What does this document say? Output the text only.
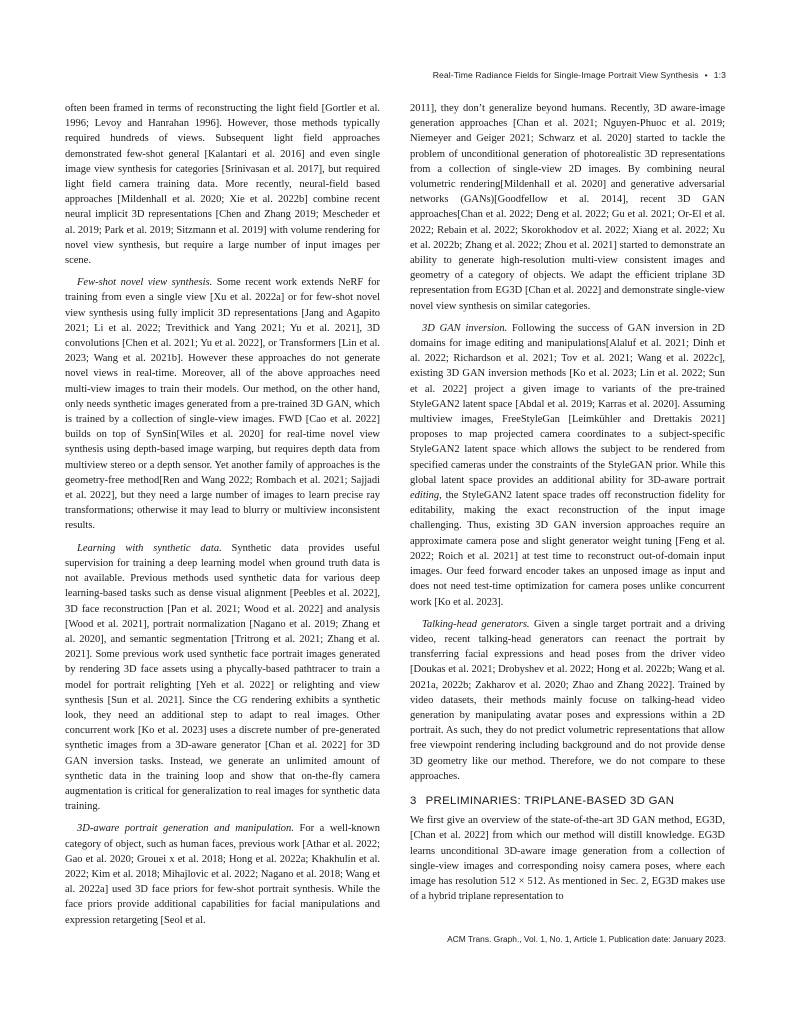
Real-Time Radiance Fields for Single-Image Portrait View Synthesis • 1:3

often been framed in terms of reconstructing the light field [Gortler et al. 1996; Levoy and Hanrahan 1996]. However, those methods typically required hundreds of views. Subsequent light field approaches demonstrated few-shot general [Kalantari et al. 2016] and even single image view synthesis for categories [Srinivasan et al. 2017], but required light field camera training data. More recently, neural-field based approaches [Mildenhall et al. 2020; Xie et al. 2022b] combine recent neural implicit 3D representations [Chen and Zhang 2019; Mescheder et al. 2019; Park et al. 2019; Sitzmann et al. 2019] with volume rendering for novel view synthesis, but require a large number of input images per scene.

Few-shot novel view synthesis. Some recent work extends NeRF for training from even a single view [Xu et al. 2022a] or for few-shot novel view synthesis using fully implicit 3D representations [Jang and Agapito 2021; Li et al. 2022; Trevithick and Yang 2021; Yu et al. 2021], 3D convolutions [Chen et al. 2021; Yu et al. 2022], or Transformers [Lin et al. 2023; Wang et al. 2021b]. However these approaches do not generate novel views in real-time. Moreover, all of the above approaches need multi-view images to train their models. Our method, on the other hand, only needs synthetic images generated from a pre-trained 3D GAN, which is trained by a collection of single-view images. FWD [Cao et al. 2022] builds on top of SynSin[Wiles et al. 2020] for real-time novel view synthesis using depth-based image warping, but requires depth data from multiview stereo or a depth sensor. Yet another family of approaches is the geometry-free method[Ren and Wang 2022; Rombach et al. 2021; Sajjadi et al. 2022], but they need a large number of images to learn precise ray transformations; otherwise it may lead to blurry or multiview inconsistent results.

Learning with synthetic data. Synthetic data provides useful supervision for training a deep learning model when ground truth data is not available. Previous methods used synthetic data for various deep learning-based tasks such as dense visual alignment [Peebles et al. 2022], 3D face reconstruction [Pan et al. 2021; Wood et al. 2022] and analysis [Wood et al. 2021], portrait normalization [Nagano et al. 2019; Zhang et al. 2020], and semantic segmentation [Tritrong et al. 2021; Zhang et al. 2021]. Some previous work used synthetic face portrait images generated by rendering 3D face assets using a phycally-based pathtracer to train a model for portrait relighting [Yeh et al. 2022] or relighting and view synthesis [Sun et al. 2021]. Since the CG rendering exhibits a synthetic look, they need an additional step to adapt to real images. Other concurrent work [Ko et al. 2023] uses a discrete number of pre-generated synthetic images from a 3D-aware generator [Chan et al. 2022] for 3D GAN inversion tasks. Instead, we generate an unlimited amount of synthetic data in the training loop and show that on-the-fly camera augmentation is critical for generalization to real images for synthetic data training.

3D-aware portrait generation and manipulation. For a well-known category of object, such as human faces, previous work [Athar et al. 2022; Gao et al. 2020; Grouei x et al. 2018; Hong et al. 2022a; Khakhulin et al. 2022; Kim et al. 2018; Mihajlovic et al. 2022; Nagano et al. 2018; Wang et al. 2022a] used 3D face priors for few-shot portrait synthesis. While the face priors provide additional capabilities for facial manipulations and expression retargeting [Seol et al.

2011], they don’t generalize beyond humans. Recently, 3D aware-image generation approaches [Chan et al. 2021; Nguyen-Phuoc et al. 2019; Niemeyer and Geiger 2021; Schwarz et al. 2020] started to tackle the problem of unconditional generation of photorealistic 3D representations from a collection of single-view 2D images. By combining neural volumetric rendering[Mildenhall et al. 2020] and generative adversarial networks (GANs)[Goodfellow et al. 2014], recent 3D GAN approaches[Chan et al. 2022; Deng et al. 2022; Gu et al. 2021; Or-El et al. 2022; Rebain et al. 2022; Skorokhodov et al. 2022; Xiang et al. 2022; Xu et al. 2022b; Zhang et al. 2022; Zhou et al. 2021] started to demonstrate an ability to generate high-resolution multi-view consistent images and geometry of a category of objects. We adapt the efficient triplane 3D representation from EG3D [Chan et al. 2022] and demonstrate single-view novel view synthesis on similar categories.

3D GAN inversion. Following the success of GAN inversion in 2D domains for image editing and manipulations[Alaluf et al. 2021; Dinh et al. 2022; Richardson et al. 2021; Tov et al. 2021; Wang et al. 2022c], existing 3D GAN inversion methods [Ko et al. 2023; Lin et al. 2022; Sun et al. 2022] project a given image to variants of the pre-trained StyleGAN2 latent space [Abdal et al. 2019; Karras et al. 2020]. Assuming multiview images, FreeStyleGan [Leimkühler and Drettakis 2021] proposes to map projected camera coordinates to a subject-specific StyleGAN2 latent space which allows the subject to be rendered from specified cameras under the constraints of the StyleGAN prior. While this global latent space provides an additional ability for 3D-aware portrait editing, the StyleGAN2 latent space trades off reconstruction fidelity for editability, making the exact reconstruction of the input image challenging. Thus, existing 3D GAN inversion approaches require an approximate camera pose and slight generator weight tuning [Feng et al. 2022; Roich et al. 2021] at test time to reconstruct out-of-domain input images. Our feed forward encoder takes an unposed image as input and does not need test-time optimization for camera poses unlike concurrent work [Ko et al. 2023].

Talking-head generators. Given a single target portrait and a driving video, recent talking-head generators can reenact the portrait by transferring facial expressions and head poses from the driver video [Doukas et al. 2021; Drobyshev et al. 2022; Hong et al. 2022b; Wang et al. 2021a, 2022b; Zakharov et al. 2020; Zhao and Zhang 2022]. Trained by video datasets, their methods mainly focuse on talking-head video generation by manipulating avatar poses and expressions within a 2D portrait. As such, they do not predict volumetric representations that allow free viewpoint rendering including background and do not provide dense 3D geometry like our method. Therefore, we do not compare to these approaches.

3 PRELIMINARIES: TRIPLANE-BASED 3D GAN

We first give an overview of the state-of-the-art 3D GAN method, EG3D, [Chan et al. 2022] from which our method will distill knowledge. EG3D learns unconditional 3D-aware image generation from a collection of single-view images and corresponding noisy camera poses, where each image has resolution 512 × 512. As mentioned in Sec. 2, EG3D makes use of a hybrid triplane representation to

ACM Trans. Graph., Vol. 1, No. 1, Article 1. Publication date: January 2023.
